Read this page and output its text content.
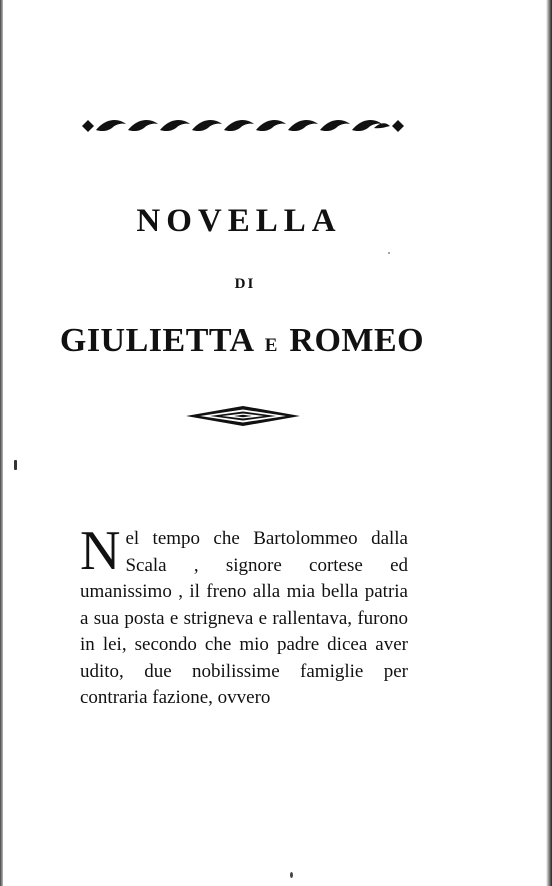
NOVELLA
DI
GIULIETTA E ROMEO

Nel tempo che Bartolommeo dalla Scala , signore cortese ed umanissimo , il freno alla mia bella patria a sua posta e strigneva e rallentava, furono in lei, secondo che mio padre dicea aver udito, due nobilissime famiglie per contraria fazione, ovvero
